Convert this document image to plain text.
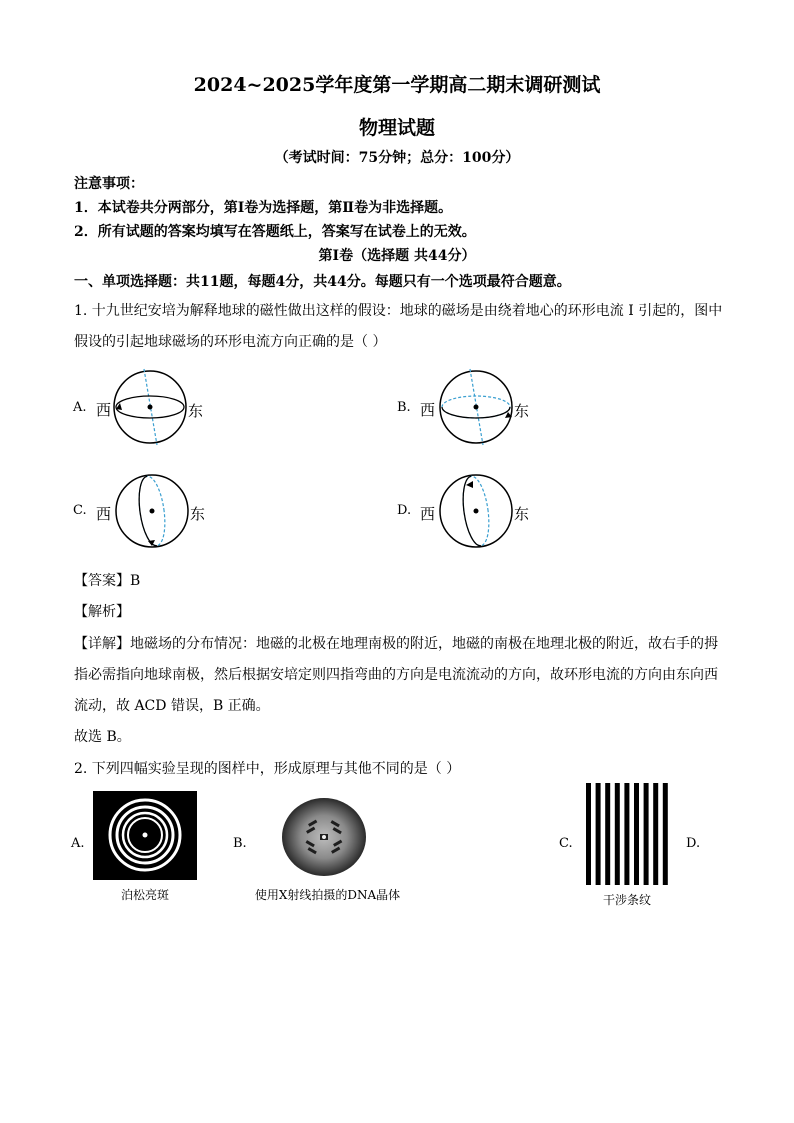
2024~2025学年度第一学期高二期末调研测试
物理试题
（考试时间：75分钟；总分：100分）
注意事项：
1．本试卷共分两部分，第Ⅰ卷为选择题，第Ⅱ卷为非选择题。
2．所有试题的答案均填写在答题纸上，答案写在试卷上的无效。
第Ⅰ卷（选择题 共44分）
一、单项选择题：共11题，每题4分，共44分。每题只有一个选项最符合题意。
1. 十九世纪安培为解释地球的磁性做出这样的假设：地球的磁场是由绕着地心的环形电流 I 引起的，图中
假设的引起地球磁场的环形电流方向正确的是（ ）
A. 西	东	B. 西	东
C. 西	东	D. 西	东
【答案】B
【解析】
【详解】地磁场的分布情况：地磁的北极在地理南极的附近，地磁的南极在地理北极的附近，故右手的拇
指必需指向地球南极，然后根据安培定则四指弯曲的方向是电流流动的方向，故环形电流的方向由东向西
流动，故 ACD 错误，B 正确。
故选 B。
2. 下列四幅实验呈现的图样中，形成原理与其他不同的是（ ）
A.
泊松亮斑
B.
使用X射线拍摄的DNA晶体
C.
干涉条纹
D.
